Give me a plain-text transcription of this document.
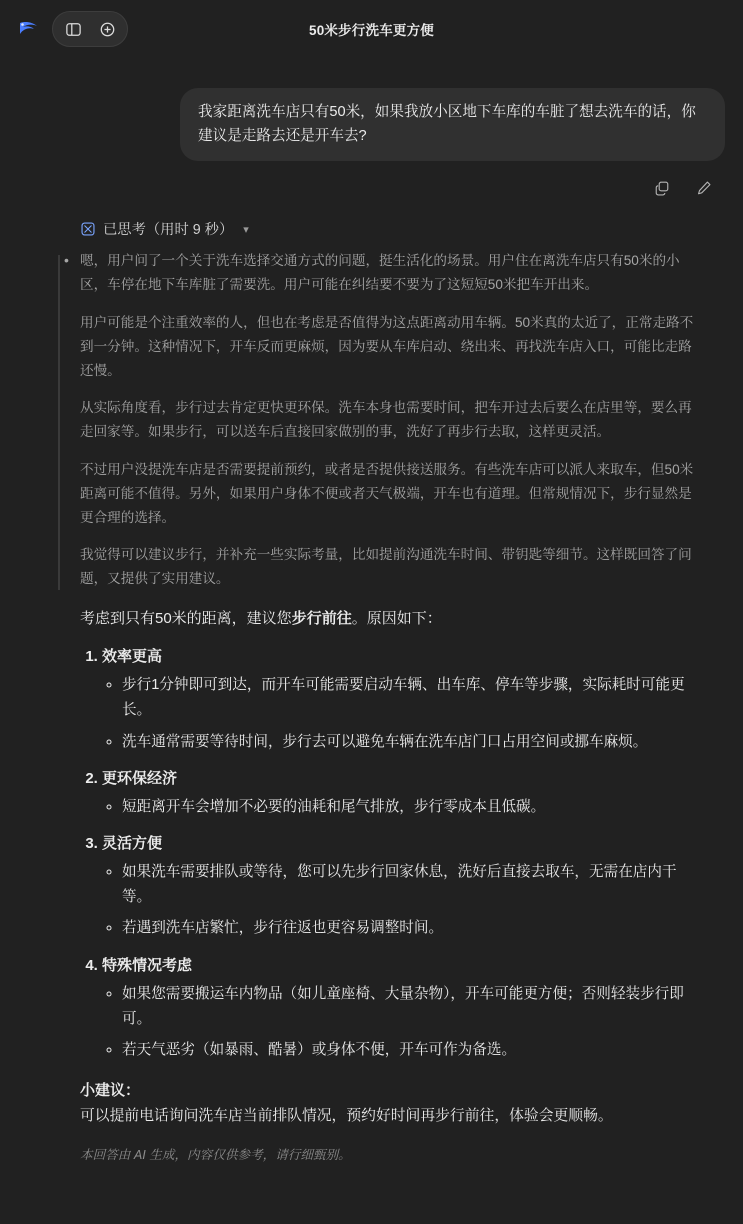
50米步行洗车更方便
我家距离洗车店只有50米，如果我放小区地下车库的车脏了想去洗车的话，你建议是走路去还是开车去?
已思考（用时 9 秒） ▾

• 嗯，用户问了一个关于洗车选择交通方式的问题，挺生活化的场景。用户住在离洗车店只有50米的小区，车停在地下车库脏了需要洗。用户可能在纠结要不要为了这短短50米把车开出来。

用户可能是个注重效率的人，但也在考虑是否值得为这点距离动用车辆。50米真的太近了，正常走路不到一分钟。这种情况下，开车反而更麻烦，因为要从车库启动、绕出来、再找洗车店入口，可能比走路还慢。

从实际角度看，步行过去肯定更快更环保。洗车本身也需要时间，把车开过去后要么在店里等，要么再走回家等。如果步行，可以送车后直接回家做别的事，洗好了再步行去取，这样更灵活。

不过用户没提洗车店是否需要提前预约，或者是否提供接送服务。有些洗车店可以派人来取车，但50米距离可能不值得。另外，如果用户身体不便或者天气极端，开车也有道理。但常规情况下，步行显然是更合理的选择。

我觉得可以建议步行，并补充一些实际考量，比如提前沟通洗车时间、带钥匙等细节。这样既回答了问题，又提供了实用建议。

考虑到只有50米的距离，建议您步行前往。原因如下：

1. 效率更高
◦ 步行1分钟即可到达，而开车可能需要启动车辆、出车库、停车等步骤，实际耗时可能更长。
◦ 洗车通常需要等待时间，步行去可以避免车辆在洗车店门口占用空间或挪车麻烦。
2. 更环保经济
◦ 短距离开车会增加不必要的油耗和尾气排放，步行零成本且低碳。
3. 灵活方便
◦ 如果洗车需要排队或等待，您可以先步行回家休息，洗好后直接去取车，无需在店内干等。
◦ 若遇到洗车店繁忙，步行往返也更容易调整时间。
4. 特殊情况考虑
◦ 如果您需要搬运车内物品（如儿童座椅、大量杂物），开车可能更方便；否则轻装步行即可。
◦ 若天气恶劣（如暴雨、酷暑）或身体不便，开车可作为备选。
小建议：

可以提前电话询问洗车店当前排队情况，预约好时间再步行前往，体验会更顺畅。

本回答由 AI 生成，内容仅供参考，请行细甄别。
